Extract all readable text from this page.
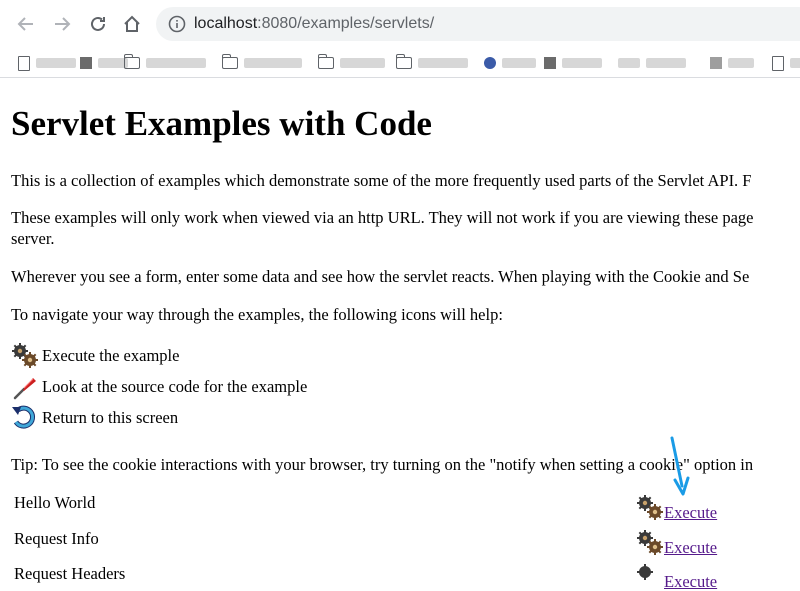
localhost:8080/examples/servlets/
Servlet Examples with Code

This is a collection of examples which demonstrate some of the more frequently used parts of the Servlet API. F

These examples will only work when viewed via an http URL. They will not work if you are viewing these page

server.

Wherever you see a form, enter some data and see how the servlet reacts. When playing with the Cookie and Se

To navigate your way through the examples, the following icons will help:

Execute the example
Look at the source code for the example
Return to this screen

Tip: To see the cookie interactions with your browser, try turning on the "notify when setting a cookie" option in

Hello World
Request Info
Request Headers
Execute
Execute
Execute
